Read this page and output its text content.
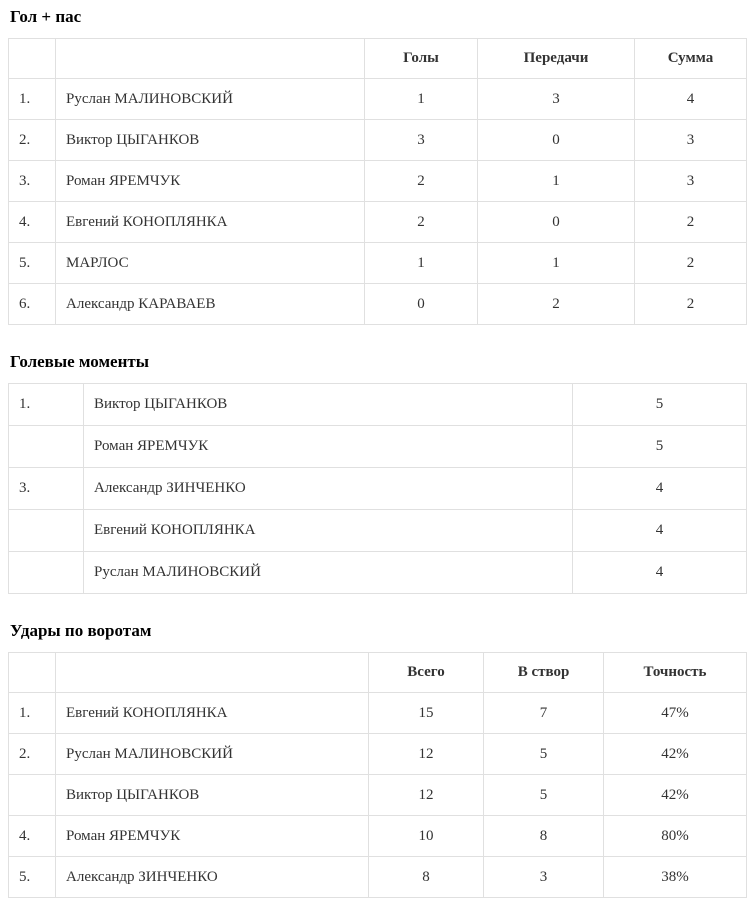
Гол + пас
		Голы	Передачи	Сумма
1.	Руслан МАЛИНОВСКИЙ	1	3	4
2.	Виктор ЦЫГАНКОВ	3	0	3
3.	Роман ЯРЕМЧУК	2	1	3
4.	Евгений КОНОПЛЯНКА	2	0	2
5.	МАРЛОС	1	1	2
6.	Александр КАРАВАЕВ	0	2	2
Голевые моменты
1.	Виктор ЦЫГАНКОВ	5
	Роман ЯРЕМЧУК	5
3.	Александр ЗИНЧЕНКО	4
	Евгений КОНОПЛЯНКА	4
	Руслан МАЛИНОВСКИЙ	4
Удары по воротам
		Всего	В створ	Точность
1.	Евгений КОНОПЛЯНКА	15	7	47%
2.	Руслан МАЛИНОВСКИЙ	12	5	42%
	Виктор ЦЫГАНКОВ	12	5	42%
4.	Роман ЯРЕМЧУК	10	8	80%
5.	Александр ЗИНЧЕНКО	8	3	38%
